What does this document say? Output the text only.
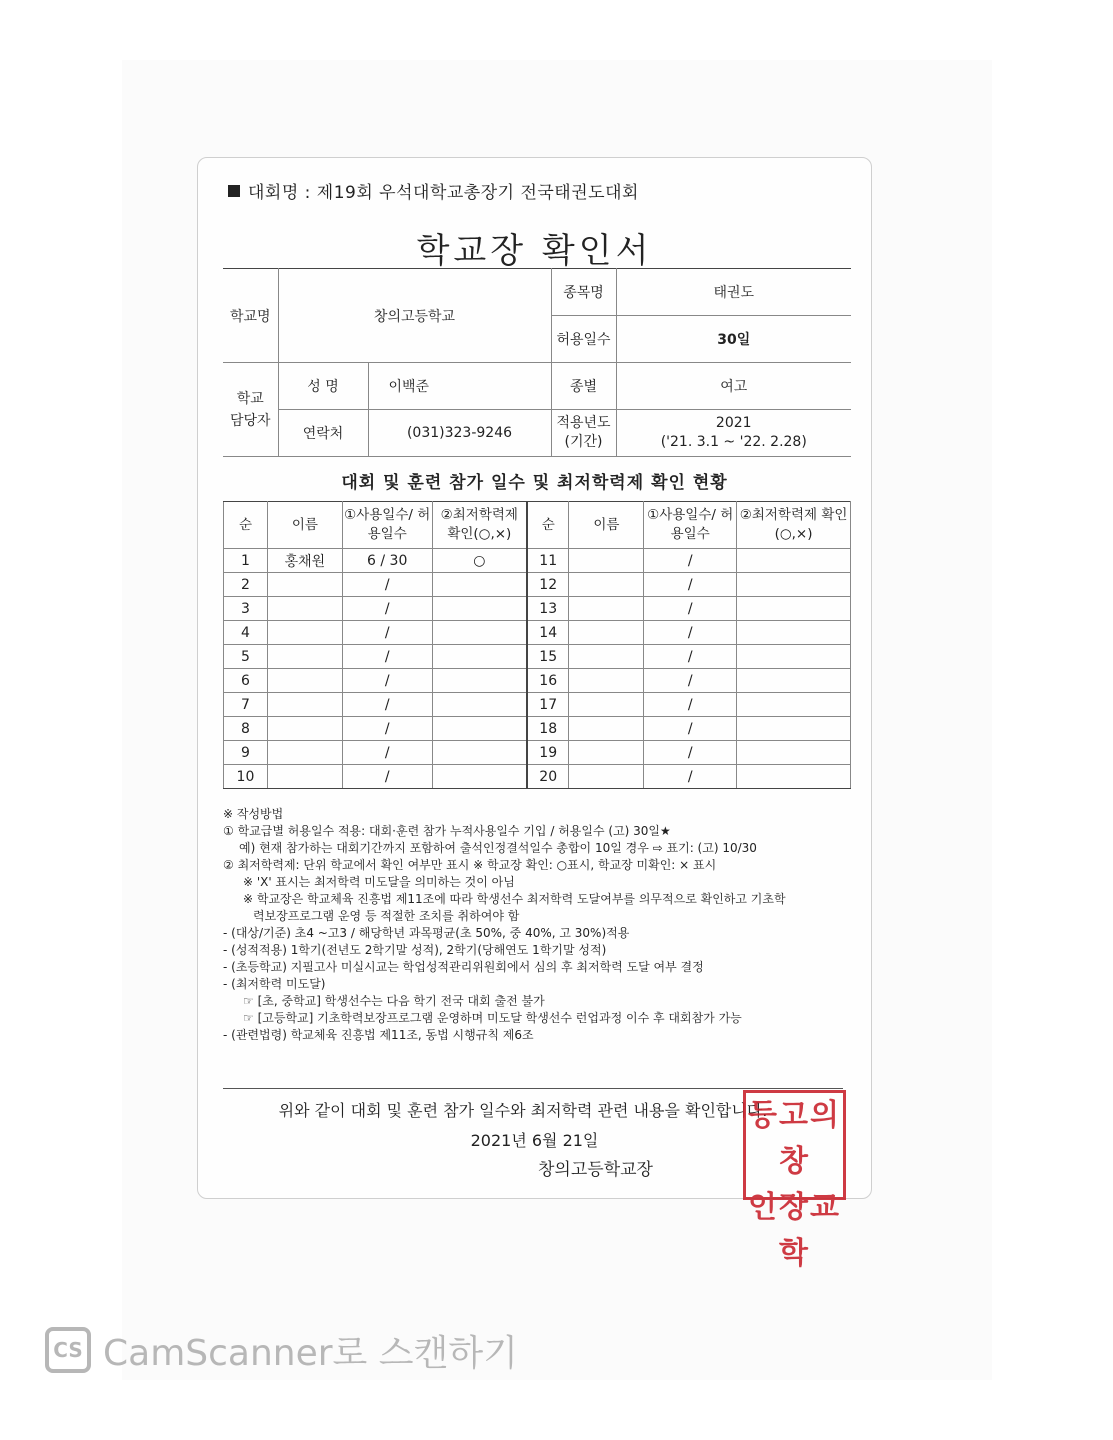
대회명 : 제19회 우석대학교총장기 전국태권도대회
학교장 확인서
학교명	창의고등학교		종목명	태권도
			허용일수	30일
학교 담당자	성 명	이백준	종별	여고
	연락처	(031)323-9246	적용년도 (기간)	2021
('21. 3.1 ~ '22. 2.28)
대회 및 훈련 참가 일수 및 최저학력제 확인 현황
순	이름	①사용일수/ 허용일수	②최저학력제 확인(○,×)	순	이름	①사용일수/ 허용일수	②최저학력제 확인(○,×)
1	홍채원	6 / 30	○	11		/	
2		/		12		/	
3		/		13		/	
4		/		14		/	
5		/		15		/	
6		/		16		/	
7		/		17		/	
8		/		18		/	
9		/		19		/	
10		/		20		/	
※ 작성방법
① 학교급별 허용일수 적용: 대회·훈련 참가 누적사용일수 기입 / 허용일수 (고) 30일★
예) 현재 참가하는 대회기간까지 포함하여 출석인정결석일수 총합이 10일 경우 ⇨ 표기: (고) 10/30
② 최저학력제: 단위 학교에서 확인 여부만 표시 ※ 학교장 확인: ○표시, 학교장 미확인: × 표시
※ 'X' 표시는 최저학력 미도달을 의미하는 것이 아님
※ 학교장은 학교체육 진흥법 제11조에 따라 학생선수 최저학력 도달여부를 의무적으로 확인하고 기초학
력보장프로그램 운영 등 적절한 조치를 취하여야 함
- (대상/기준) 초4 ~고3 / 해당학년 과목평균(초 50%, 중 40%, 고 30%)적용
- (성적적용) 1학기(전년도 2학기말 성적), 2학기(당해연도 1학기말 성적)
- (초등학교) 지필고사 미실시교는 학업성적관리위원회에서 심의 후 최저학력 도달 여부 결정
- (최저학력 미도달)
☞ [초, 중학교] 학생선수는 다음 학기 전국 대회 출전 불가
☞ [고등학교] 기초학력보장프로그램 운영하며 미도달 학생선수 런업과정 이수 후 대회참가 가능
- (관련법령) 학교체육 진흥법 제11조, 동법 시행규칙 제6조
위와 같이 대회 및 훈련 참가 일수와 최저학력 관련 내용을 확인합니다.
2021년 6월 21일
창의고등학교장
등고의창
인장교학
CS CamScanner로 스캔하기
